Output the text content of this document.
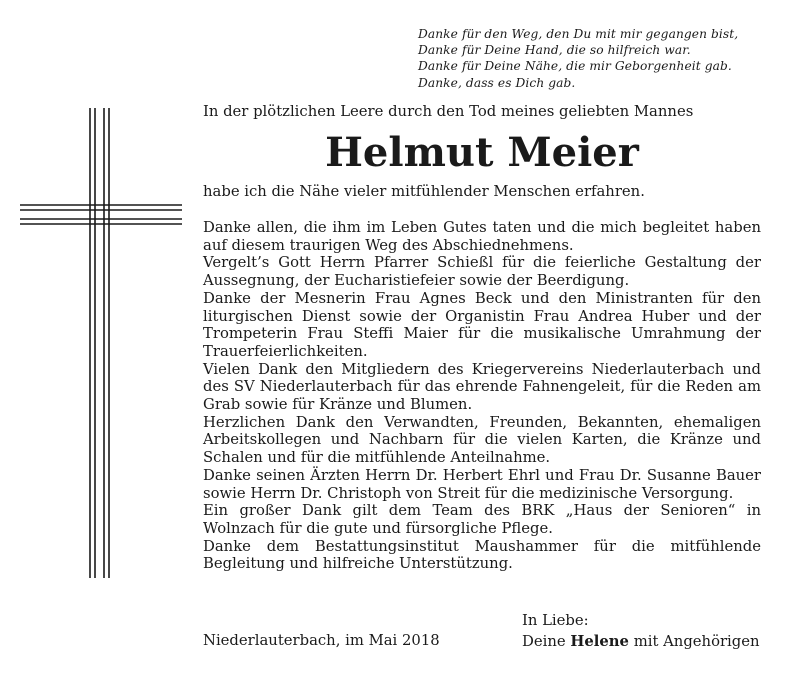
Danke für den Weg, den Du mit mir gegangen bist,
Danke für Deine Hand, die so hilfreich war.
Danke für Deine Nähe, die mir Geborgenheit gab.
Danke, dass es Dich gab.
In der plötzlichen Leere durch den Tod meines geliebten Mannes
Helmut Meier
habe ich die Nähe vieler mitfühlender Menschen erfahren.

Danke allen, die ihm im Leben Gutes taten und die mich begleitet haben auf diesem traurigen Weg des Abschiednehmens.

Vergelt’s Gott Herrn Pfarrer Schießl für die feierliche Gestaltung der Aussegnung, der Eucharistiefeier sowie der Beerdigung.

Danke der Mesnerin Frau Agnes Beck und den Ministranten für den liturgischen Dienst sowie der Organistin Frau Andrea Huber und der Trompeterin Frau Steffi Maier für die musikalische Umrahmung der Trauerfeierlichkeiten.

Vielen Dank den Mitgliedern des Kriegervereins Niederlauterbach und des SV Niederlauterbach für das ehrende Fahnengeleit, für die Reden am Grab sowie für Kränze und Blumen.

Herzlichen Dank den Verwandten, Freunden, Bekannten, ehemaligen Arbeitskollegen und Nachbarn für die vielen Karten, die Kränze und Schalen und für die mitfühlende Anteilnahme.

Danke seinen Ärzten Herrn Dr. Herbert Ehrl und Frau Dr. Susanne Bauer sowie Herrn Dr. Christoph von Streit für die medizinische Versorgung.

Ein großer Dank gilt dem Team des BRK „Haus der Senioren“ in Wolnzach für die gute und fürsorgliche Pflege.

Danke dem Bestattungsinstitut Maushammer für die mitfühlende Begleitung und hilfreiche Unterstützung.

Niederlauterbach, im Mai 2018
In Liebe:
Deine Helene mit Angehörigen
